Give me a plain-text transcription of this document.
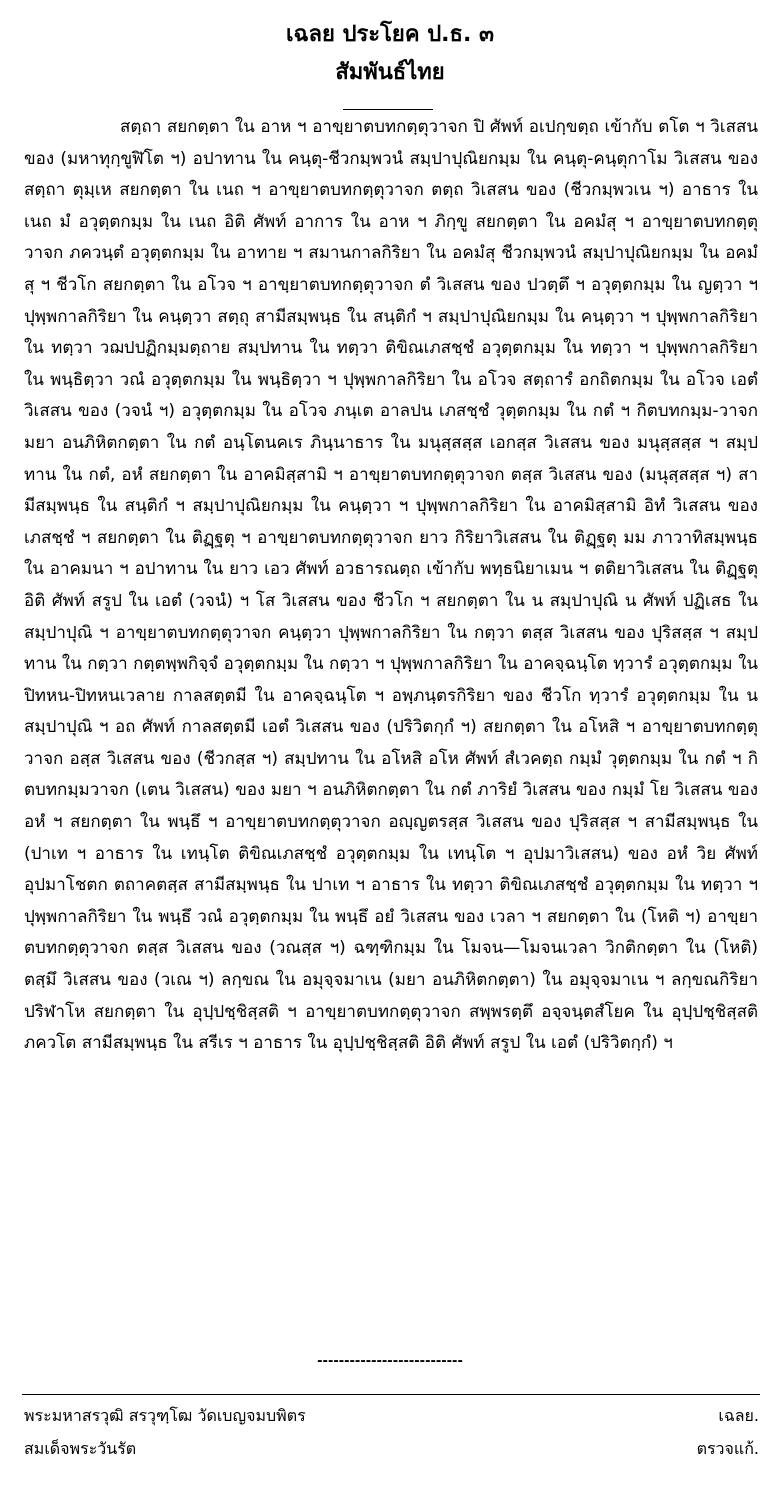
เฉลย ประโยค ป.ธ. ๓
สัมพันธ์ไทย

สตฺถา สยกตฺตา ใน อาห ฯ อาขฺยาตบทกตฺตุวาจก ปิ ศัพท์ อเปกฺขตฺถ เข้ากับ ตโต ฯ วิเสสน ของ (มหาทุกฺขูฬิโต ฯ) อปาทาน ใน คนฺตุ-ชีวกมฺพวนํ สมฺปาปุณิยกมฺม ใน คนฺตุ-คนฺตุกาโม วิเสสน ของ สตฺถา ตุมฺเห สยกตฺตา ใน เนถ ฯ อาขฺยาตบทกตฺตุวาจก ตตฺถ วิเสสน ของ (ชีวกมฺพวเน ฯ) อาธาร ใน เนถ มํ อวุตฺตกมฺม ใน เนถ อิติ ศัพท์ อาการ ใน อาห ฯ ภิกฺขู สยกตฺตา ใน อคมํสุ ฯ อาขฺยาตบทกตฺตุวาจก ภควนฺตํ อวุตฺตกมฺม ใน อาทาย ฯ สมานกาลกิริยา ใน อคมํสุ ชีวกมฺพวนํ สมฺปาปุณิยกมฺม ใน อคมํสุ ฯ ชีวโก สยกตฺตา ใน อโวจ ฯ อาขฺยาตบทกตฺตุวาจก ตํ วิเสสน ของ ปวตฺตึ ฯ อวุตฺตกมฺม ใน ญตฺวา ฯ ปุพฺพกาลกิริยา ใน คนฺตฺวา สตฺถุ สามีสมฺพนฺธ ใน สนฺติกํ ฯ สมฺปาปุณิยกมฺม ใน คนฺตฺวา ฯ ปุพฺพกาลกิริยา ใน ทตฺวา วฌปปฏิกมฺมตฺถาย สมฺปทาน ใน ทตฺวา ติขิณเภสชฺชํ อวุตฺตกมฺม ใน ทตฺวา ฯ ปุพฺพกาลกิริยา ใน พนฺธิตฺวา วณํ อวุตฺตกมฺม ใน พนฺธิตฺวา ฯ ปุพฺพกาลกิริยา ใน อโวจ สตฺถารํ อกถิตกมฺม ใน อโวจ เอตํ วิเสสน ของ (วจนํ ฯ) อวุตฺตกมฺม ใน อโวจ ภนฺเต อาลปน เภสชฺชํ วุตฺตกมฺม ใน กตํ ฯ กิตบทกมฺม-วาจก มยา อนภิหิตกตฺตา ใน กตํ อนฺโตนคเร ภินฺนาธาร ใน มนุสฺสสฺส เอกสฺส วิเสสน ของ มนุสฺสสฺส ฯ สมฺปทาน ใน กตํ, อหํ สยกตฺตา ใน อาคมิสฺสามิ ฯ อาขฺยาตบทกตฺตุวาจก ตสฺส วิเสสน ของ (มนุสฺสสฺส ฯ) สามีสมฺพนฺธ ใน สนฺติกํ ฯ สมฺปาปุณิยกมฺม ใน คนฺตฺวา ฯ ปุพฺพกาลกิริยา ใน อาคมิสฺสามิ อิทํ วิเสสน ของ เภสชฺชํ ฯ สยกตฺตา ใน ติฏฺฐตุ ฯ อาขฺยาตบทกตฺตุวาจก ยาว กิริยาวิเสสน ใน ติฏฺฐตุ มม ภาวาทิสมฺพนฺธ ใน อาคมนา ฯ อปาทาน ใน ยาว เอว ศัพท์ อวธารณตฺถ เข้ากับ พทฺธนิยาเมน ฯ ตติยาวิเสสน ใน ติฏฺฐตุ อิติ ศัพท์ สรูป ใน เอตํ (วจนํ) ฯ โส วิเสสน ของ ชีวโก ฯ สยกตฺตา ใน น สมฺปาปุณิ น ศัพท์ ปฏิเสธ ใน สมฺปาปุณิ ฯ อาขฺยาตบทกตฺตุวาจก คนฺตฺวา ปุพฺพกาลกิริยา ใน กตฺวา ตสฺส วิเสสน ของ ปุริสสฺส ฯ สมฺปทาน ใน กตฺวา กตฺตพฺพกิจฺจํ อวุตฺตกมฺม ใน กตฺวา ฯ ปุพฺพกาลกิริยา ใน อาคจฺฉนฺโต ทฺวารํ อวุตฺตกมฺม ใน ปิทหน-ปิทหนเวลาย กาลสตฺตมี ใน อาคจฺฉนฺโต ฯ อพฺภนฺตรกิริยา ของ ชีวโก ทฺวารํ อวุตฺตกมฺม ใน น สมฺปาปุณิ ฯ อถ ศัพท์ กาลสตฺตมี เอตํ วิเสสน ของ (ปริวิตกฺกํ ฯ) สยกตฺตา ใน อโหสิ ฯ อาขฺยาตบทกตฺตุวาจก อสฺส วิเสสน ของ (ชีวกสฺส ฯ) สมฺปทาน ใน อโหสิ อโห ศัพท์ สํเวคตฺถ กมฺมํ วุตฺตกมฺม ใน กตํ ฯ กิตบทกมฺมวาจก (เตน วิเสสน) ของ มยา ฯ อนภิหิตกตฺตา ใน กตํ ภาริยํ วิเสสน ของ กมฺมํ โย วิเสสน ของ อหํ ฯ สยกตฺตา ใน พนฺธึ ฯ อาขฺยาตบทกตฺตุวาจก อญฺญตรสฺส วิเสสน ของ ปุริสสฺส ฯ สามีสมฺพนฺธ ใน (ปาเท ฯ อาธาร ใน เทนฺโต ติขิณเภสชฺชํ อวุตฺตกมฺม ใน เทนฺโต ฯ อุปมาวิเสสน) ของ อหํ วิย ศัพท์ อุปมาโชตก ตถาคตสฺส สามีสมฺพนฺธ ใน ปาเท ฯ อาธาร ใน ทตฺวา ติขิณเภสชฺชํ อวุตฺตกมฺม ใน ทตฺวา ฯ ปุพฺพกาลกิริยา ใน พนฺธึ วณํ อวุตฺตกมฺม ใน พนฺธึ อยํ วิเสสน ของ เวลา ฯ สยกตฺตา ใน (โหติ ฯ) อาขฺยาตบทกตฺตุวาจก ตสฺส วิเสสน ของ (วณสฺส ฯ) ฉฑฺฑิกมฺม ใน โมจน—โมจนเวลา วิกติกตฺตา ใน (โหติ) ตสฺมึ วิเสสน ของ (วเณ ฯ) ลกฺขณ ใน อมุจฺจมาเน (มยา อนภิหิตกตฺตา) ใน อมุจฺจมาเน ฯ ลกฺขณกิริยา ปริฬาโห สยกตฺตา ใน อุปฺปชฺชิสฺสติ ฯ อาขฺยาตบทกตฺตุวาจก สพฺพรตฺตึ อจฺจนฺตสํโยค ใน อุปฺปชฺชิสฺสติ ภควโต สามีสมฺพนฺธ ใน สรีเร ฯ อาธาร ใน อุปฺปชฺชิสฺสติ อิติ ศัพท์ สรูป ใน เอตํ (ปริวิตกฺกํ) ฯ

---------------------------
พระมหาสรวุฒิ สรวุฑฺโฒ วัดเบญจมบพิตร	เฉลย.
สมเด็จพระวันรัต	ตรวจแก้.
